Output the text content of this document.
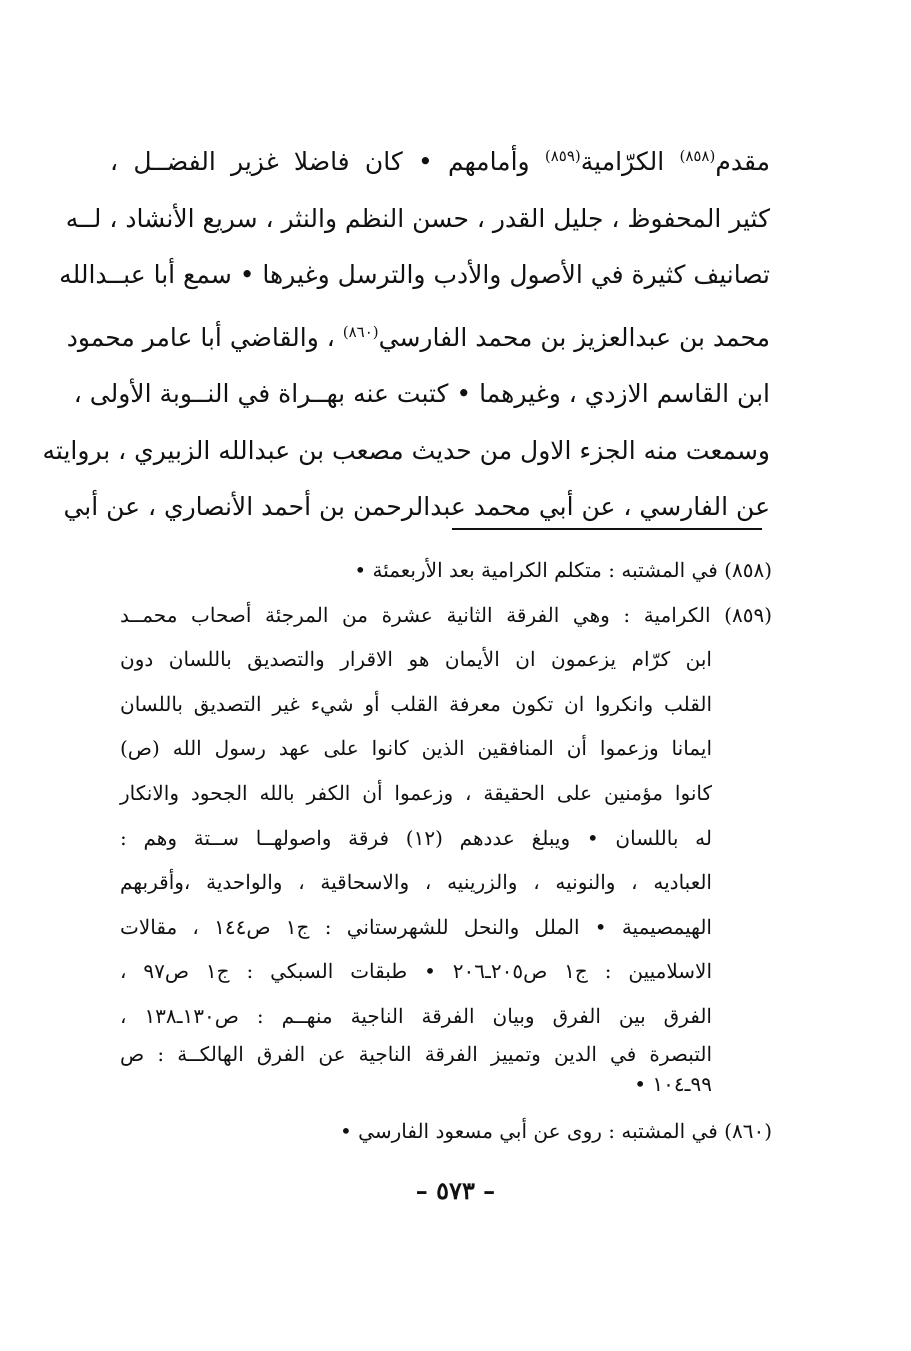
مقدم$^{(٨٥٨)}$ الكرّامية$^{(٨٥٩)}$ وأمامهم • كان فاضلا غزير الفضــل ،
كثير المحفوظ ، جليل القدر ، حسن النظم والنثر ، سريع الأنشاد ، لــه
تصانيف كثيرة في الأصول والأدب والترسل وغيرها • سمع أبا عبــدالله
محمد بن عبدالعزيز بن محمد الفارسي$^{(٨٦٠)}$ ، والقاضي أبا عامر محمود
ابن القاسم الازدي ، وغيرهما • كتبت عنه بهــراة في النــوبة الأولى ،
وسمعت منه الجزء الاول من حديث مصعب بن عبدالله الزبيري ، بروايته
عن الفارسي ، عن أبي محمد عبدالرحمن بن أحمد الأنصاري ، عن أبي
(٨٥٨) في المشتبه : متكلم الكرامية بعد الأربعمئة •
(٨٥٩) الكرامية : وهي الفرقة الثانية عشرة من المرجئة أصحاب محمــد
ابن كرّام يزعمون ان الأيمان هو الاقرار والتصديق باللسان دون
القلب وانكروا ان تكون معرفة القلب أو شيء غير التصديق باللسان
ايمانا وزعموا أن المنافقين الذين كانوا على عهد رسول الله (ص)
كانوا مؤمنين على الحقيقة ، وزعموا أن الكفر بالله الجحود والانكار
له باللسان • ويبلغ عددهم (١٢) فرقة واصولهــا ســتة وهم :
العباديه ، والنونيه ، والزرينيه ، والاسحاقية ، والواحدية ،وأقربهم
الهيمصيمية • الملل والنحل للشهرستاني : ج١ ص١٤٤ ، مقالات
الاسلاميين : ج١ ص٢٠٥ـ٢٠٦ • طبقات السبكي : ج١ ص٩٧ ،
الفرق بين الفرق وبيان الفرقة الناجية منهــم : ص١٣٠ـ١٣٨ ،
التبصرة في الدين وتمييز الفرقة الناجية عن الفرق الهالكــة : ص
٩٩ـ١٠٤ •
(٨٦٠) في المشتبه : روى عن أبي مسعود الفارسي •
– ٥٧٣ –
